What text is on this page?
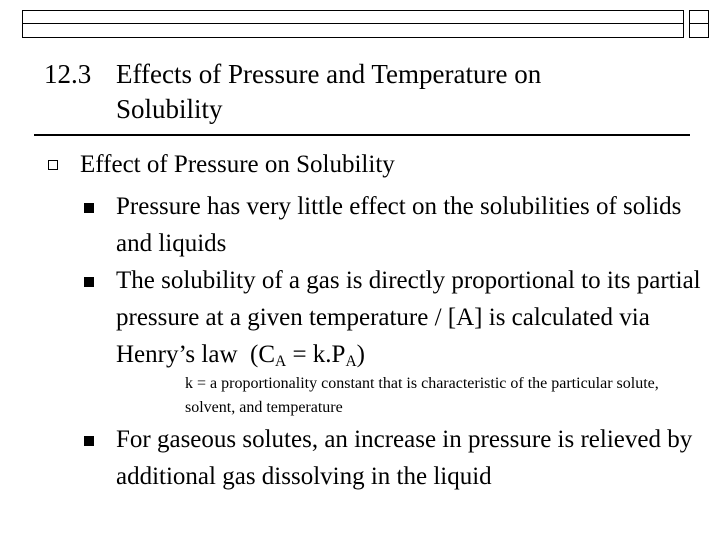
12.3 Effects of Pressure and Temperature on
Solubility
Effect of Pressure on Solubility
Pressure has very little effect on the solubilities of solids and liquids
The solubility of a gas is directly proportional to its partial pressure at a given temperature / [A] is calculated via Henry’s law $(C_A = k.P_A)$
k = a proportionality constant that is characteristic of the particular solute, solvent, and temperature
For gaseous solutes, an increase in pressure is relieved by additional gas dissolving in the liquid
